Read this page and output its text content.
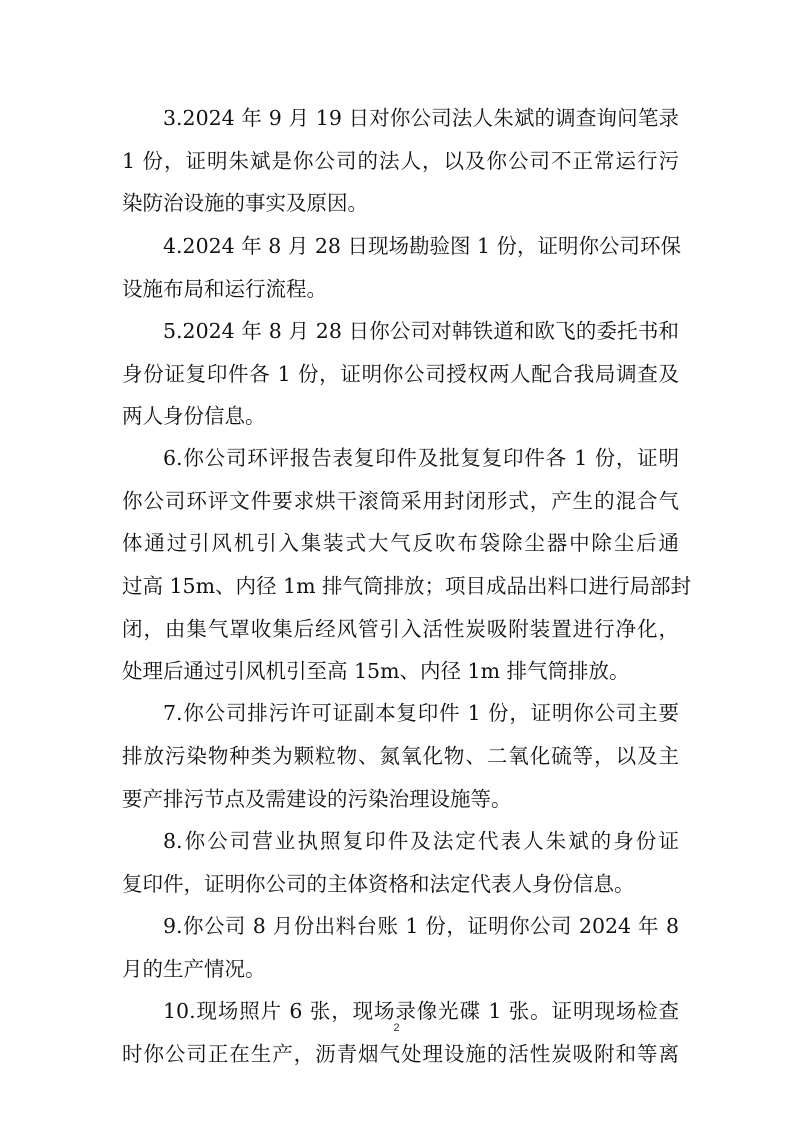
3.2024 年 9 月 19 日对你公司法人朱斌的调查询问笔录
1 份，证明朱斌是你公司的法人，以及你公司不正常运行污
染防治设施的事实及原因。
4.2024 年 8 月 28 日现场勘验图 1 份，证明你公司环保
设施布局和运行流程。
5.2024 年 8 月 28 日你公司对韩铁道和欧飞的委托书和
身份证复印件各 1 份，证明你公司授权两人配合我局调查及
两人身份信息。
6.你公司环评报告表复印件及批复复印件各 1 份，证明
你公司环评文件要求烘干滚筒采用封闭形式，产生的混合气
体通过引风机引入集装式大气反吹布袋除尘器中除尘后通
过高 15m、内径 1m 排气筒排放；项目成品出料口进行局部封
闭，由集气罩收集后经风管引入活性炭吸附装置进行净化，
处理后通过引风机引至高 15m、内径 1m 排气筒排放。
7.你公司排污许可证副本复印件 1 份，证明你公司主要
排放污染物种类为颗粒物、氮氧化物、二氧化硫等，以及主
要产排污节点及需建设的污染治理设施等。
8.你公司营业执照复印件及法定代表人朱斌的身份证
复印件，证明你公司的主体资格和法定代表人身份信息。
9.你公司 8 月份出料台账 1 份，证明你公司 2024 年 8
月的生产情况。
10.现场照片 6 张，现场录像光碟 1 张。证明现场检查
时你公司正在生产，沥青烟气处理设施的活性炭吸附和等离
2
